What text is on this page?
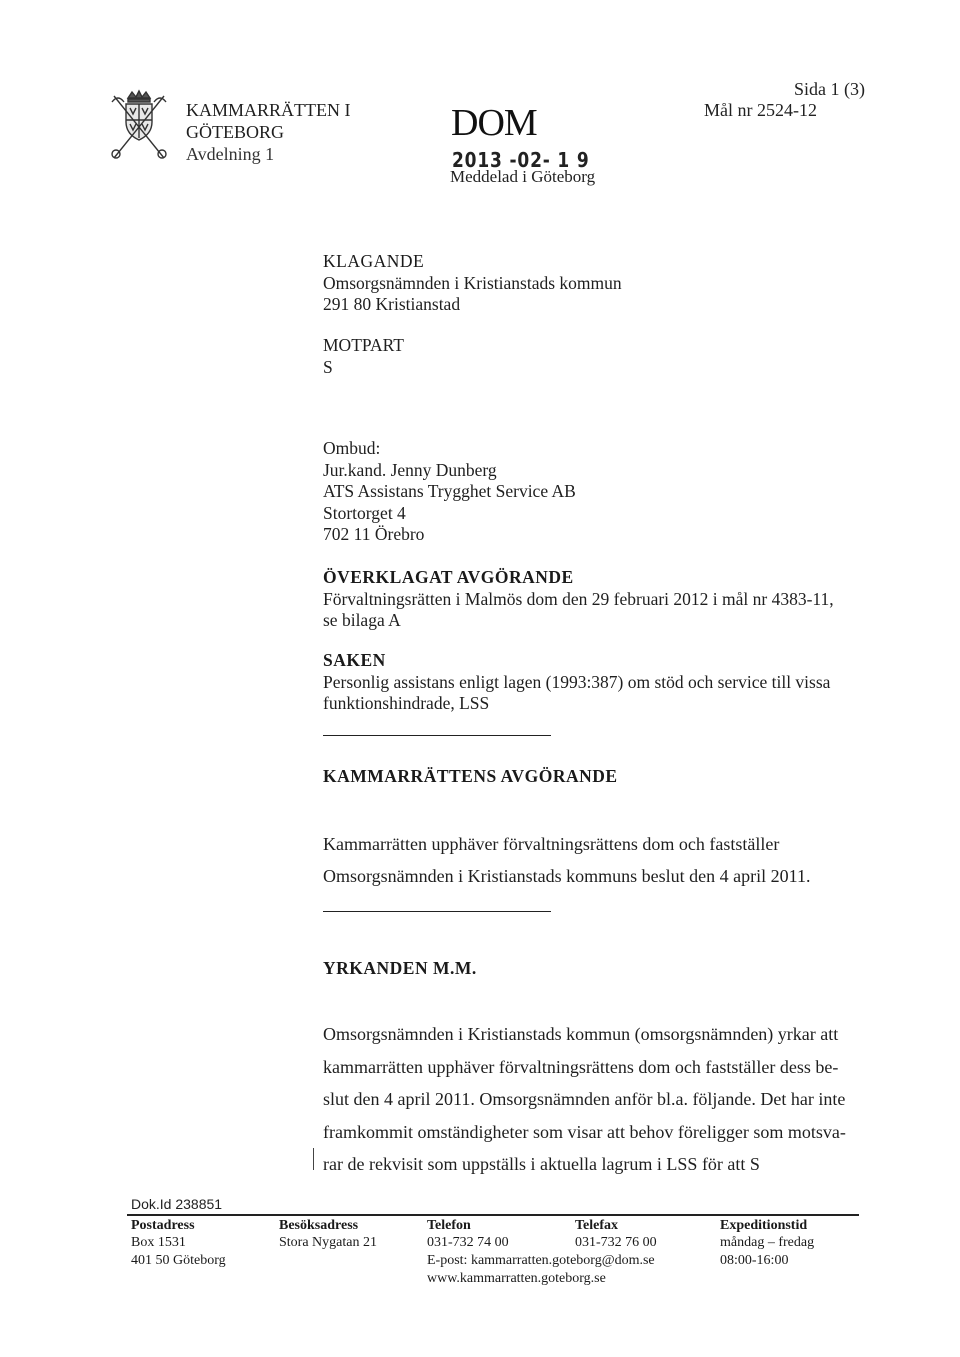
KAMMARRÄTTEN I
GÖTEBORG
Avdelning 1
DOM
2013 -02- 1 9
Meddelad i Göteborg
Sida 1 (3)
Mål nr 2524-12
KLAGANDE
Omsorgsnämnden i Kristianstads kommun
291 80 Kristianstad
MOTPART
S
Ombud:
Jur.kand. Jenny Dunberg
ATS Assistans Trygghet Service AB
Stortorget 4
702 11 Örebro
ÖVERKLAGAT AVGÖRANDE
Förvaltningsrätten i Malmös dom den 29 februari 2012 i mål nr 4383-11,
se bilaga A
SAKEN
Personlig assistans enligt lagen (1993:387) om stöd och service till vissa
funktionshindrade, LSS
KAMMARRÄTTENS AVGÖRANDE
Kammarrätten upphäver förvaltningsrättens dom och fastställer
Omsorgsnämnden i Kristianstads kommuns beslut den 4 april 2011.
YRKANDEN M.M.
Omsorgsnämnden i Kristianstads kommun (omsorgsnämnden) yrkar att
kammarrätten upphäver förvaltningsrättens dom och fastställer dess be-
slut den 4 april 2011. Omsorgsnämnden anför bl.a. följande. Det har inte
framkommit omständigheter som visar att behov föreligger som motsva-
rar de rekvisit som uppställs i aktuella lagrum i LSS för att S
Dok.Id 238851
Postadress
Box 1531
401 50 Göteborg
Besöksadress
Stora Nygatan 21
Telefon
031-732 74 00
E-post: kammarratten.goteborg@dom.se
www.kammarratten.goteborg.se
Telefax
031-732 76 00
Expeditionstid
måndag – fredag
08:00-16:00
